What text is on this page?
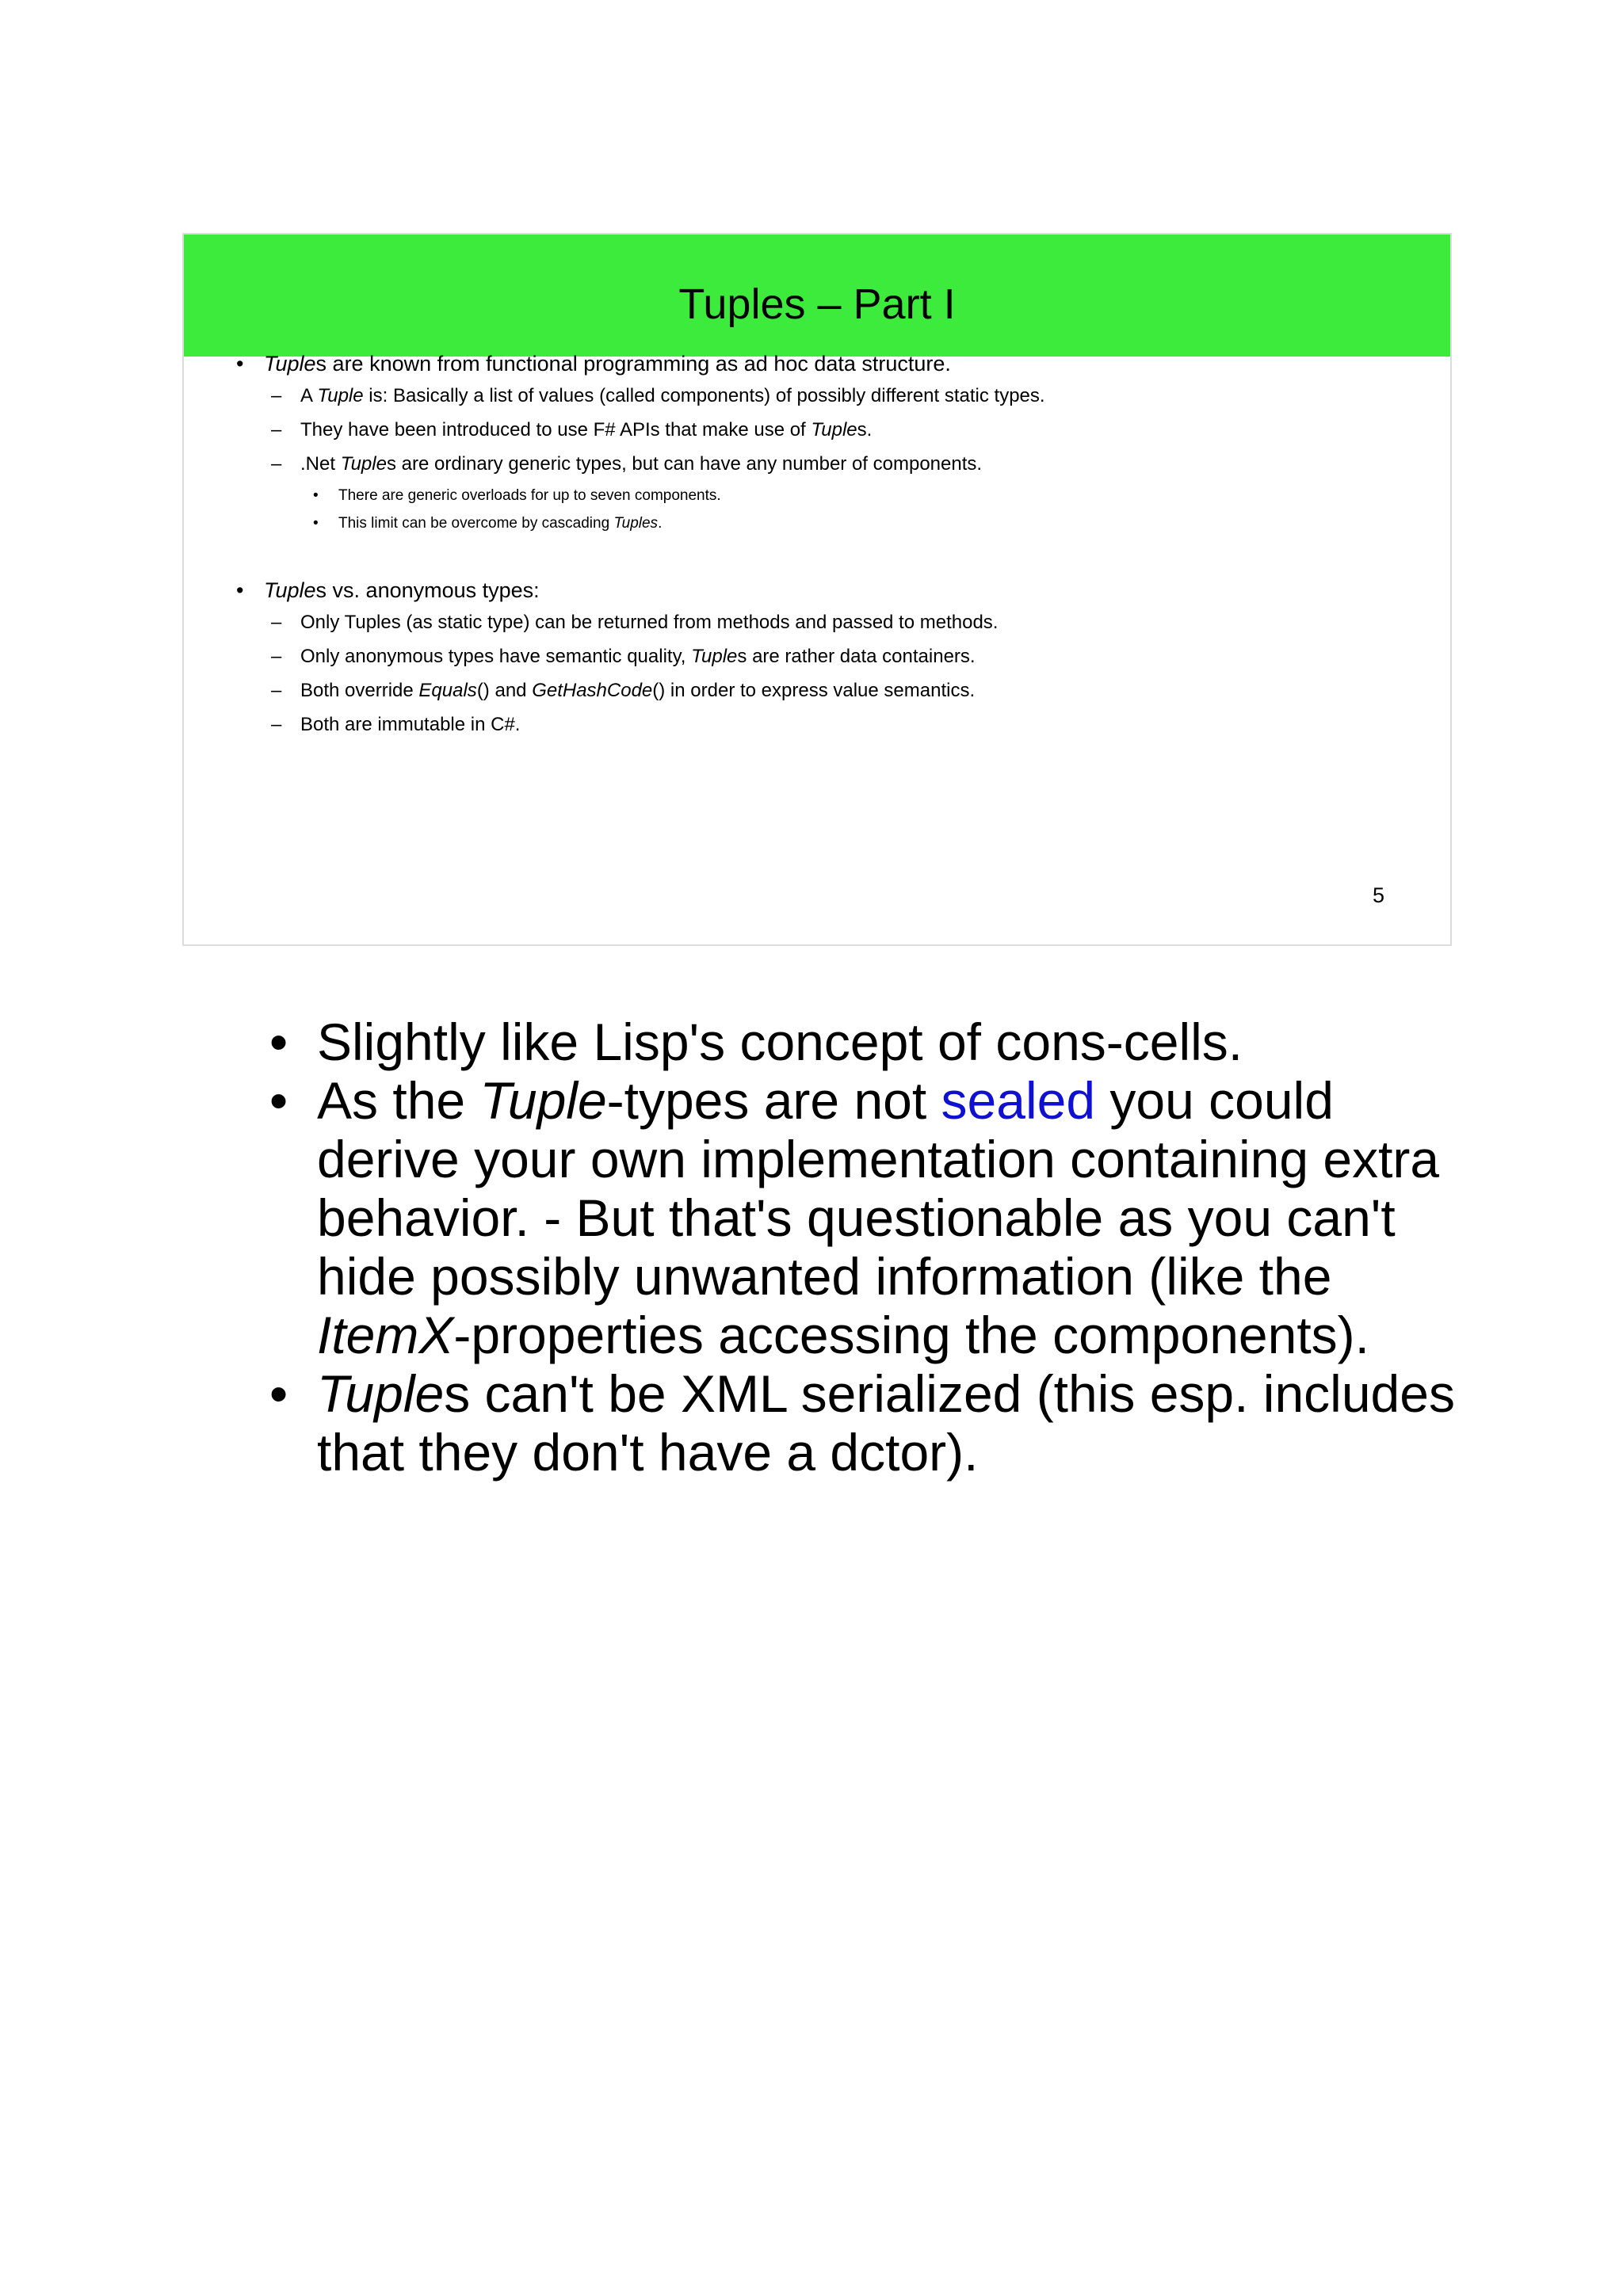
Tuples – Part I
• Tuples are known from functional programming as ad hoc data structure.
– A Tuple is: Basically a list of values (called components) of possibly different static types.
– They have been introduced to use F# APIs that make use of Tuples.
– .Net Tuples are ordinary generic types, but can have any number of components.
• There are generic overloads for up to seven components.
• This limit can be overcome by cascading Tuples.
• Tuples vs. anonymous types:
– Only Tuples (as static type) can be returned from methods and passed to methods.
– Only anonymous types have semantic quality, Tuples are rather data containers.
– Both override Equals() and GetHashCode() in order to express value semantics.
– Both are immutable in C#.
5
• Slightly like Lisp's concept of cons-cells.
• As the Tuple-types are not sealed you could derive your own implementation containing extra behavior. - But that's questionable as you can't hide possibly unwanted information (like the ItemX-properties accessing the components).
• Tuples can't be XML serialized (this esp. includes that they don't have a dctor).
